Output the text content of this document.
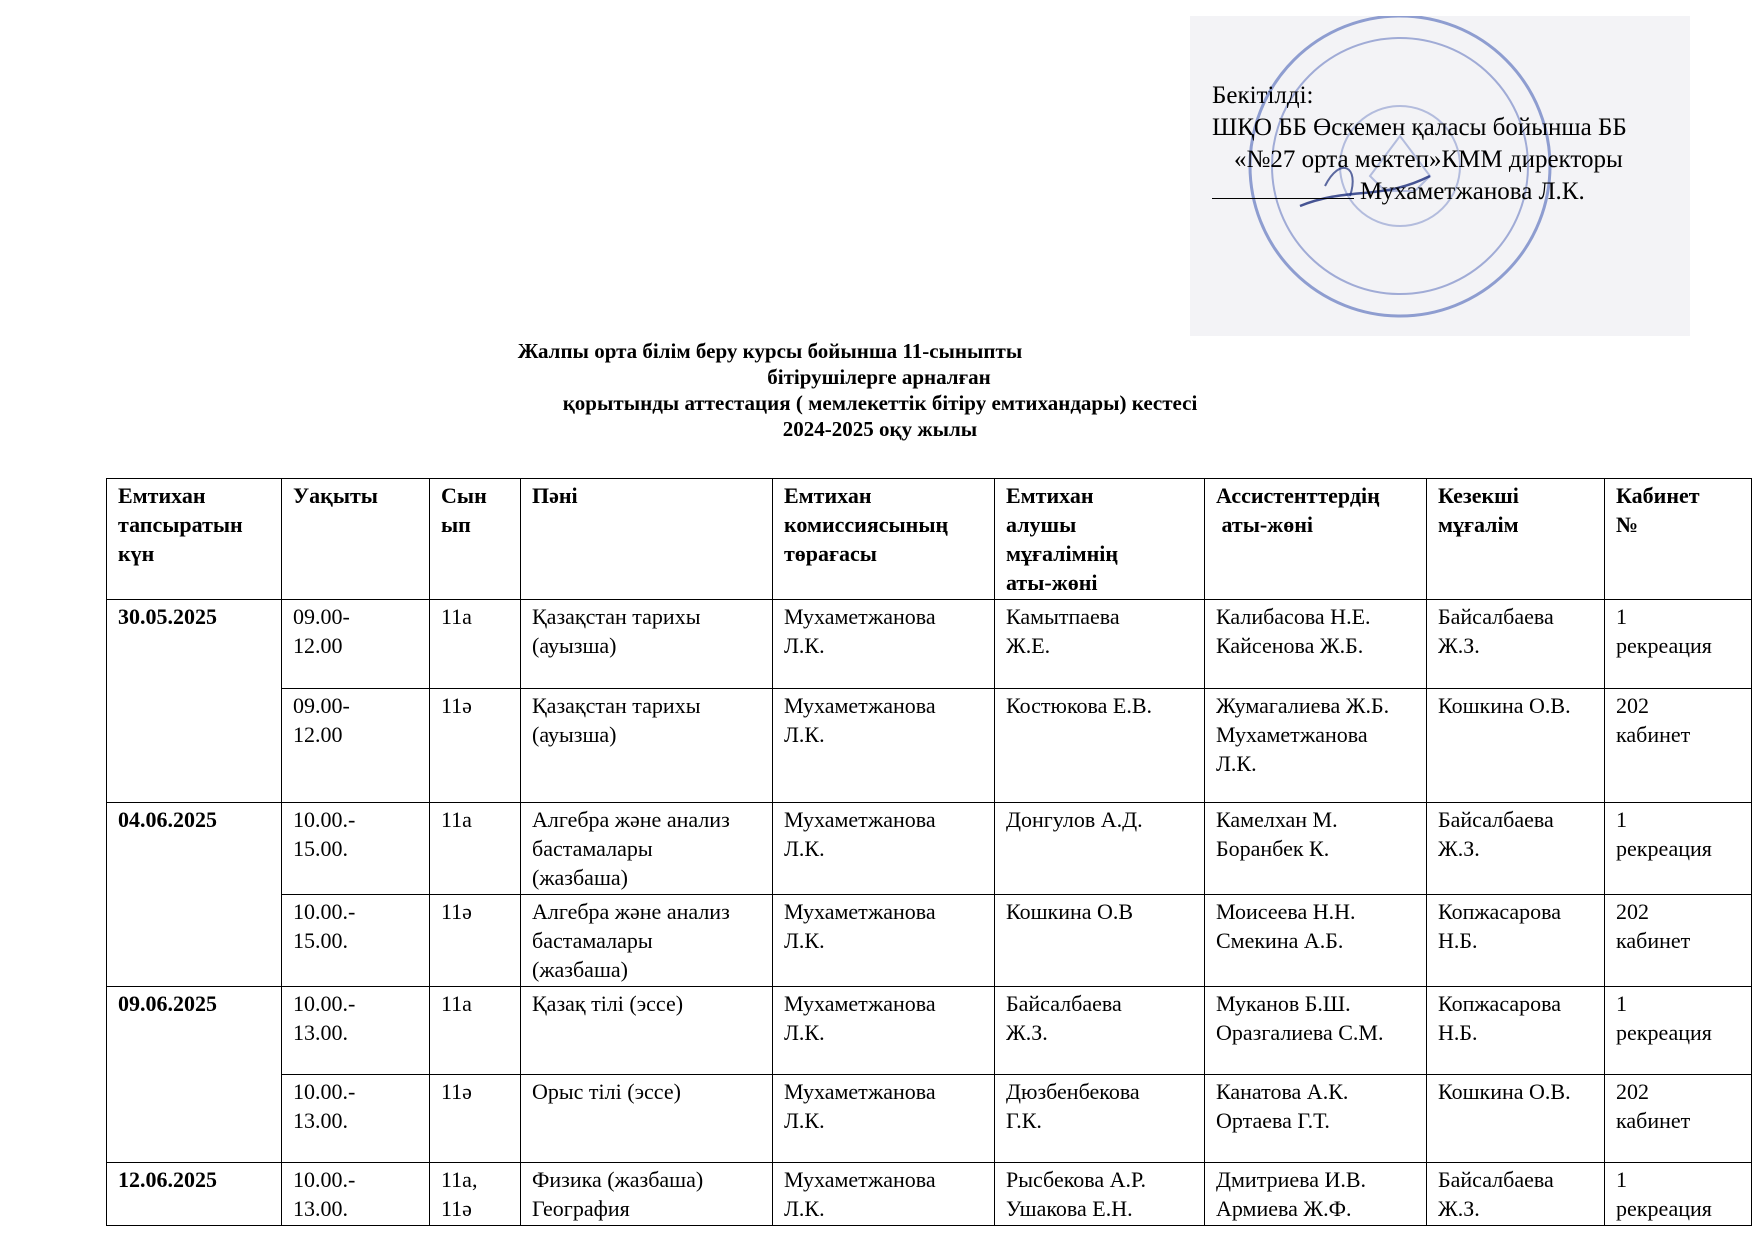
Бекітілді:
ШҚО ББ Өскемен қаласы бойынша ББ
«№27 орта мектеп»КММ директоры
Мухаметжанова Л.К.
Жалпы орта білім беру курсы бойынша 11-сыныпты
бітірушілерге арналған
қорытынды аттестация ( мемлекеттік бітіру емтихандары) кестесі
2024-2025 оқу жылы
Емтихан
тапсыратын
күн	Уақыты	Сын
ып	Пәні	Емтихан
комиссиясының
төрағасы	Емтихан
алушы
мұғалімнің
аты-жөні	Ассистенттердің
аты-жөні	Кезекші
мұғалім	Кабинет
№

30.05.2025	09.00-
12.00	11а	Қазақстан тарихы
(ауызша)	Мухаметжанова
Л.К.	Камытпаева
Ж.Е.	Калибасова Н.Е.
Кайсенова Ж.Б.	Байсалбаева
Ж.З.	1
рекреация

	09.00-
12.00	11ә	Қазақстан тарихы
(ауызша)	Мухаметжанова
Л.К.	Костюкова Е.В.	Жумагалиева Ж.Б.
Мухаметжанова
Л.К.	Кошкина О.В.	202
кабинет

04.06.2025	10.00.-
15.00.	11а	Алгебра және анализ
бастамалары
(жазбаша)	Мухаметжанова
Л.К.	Донгулов А.Д.	Камелхан М.
Боранбек К.	Байсалбаева
Ж.З.	1
рекреация

	10.00.-
15.00.	11ә	Алгебра және анализ
бастамалары
(жазбаша)	Мухаметжанова
Л.К.	Кошкина О.В	Моисеева Н.Н.
Смекина А.Б.	Копжасарова
Н.Б.	202
кабинет

09.06.2025	10.00.-
13.00.	11а	Қазақ тілі (эссе)	Мухаметжанова
Л.К.	Байсалбаева
Ж.З.	Муканов Б.Ш.
Оразгалиева С.М.	Копжасарова
Н.Б.	1
рекреация

	10.00.-
13.00.	11ә	Орыс тілі (эссе)	Мухаметжанова
Л.К.	Дюзбенбекова
Г.К.	Канатова А.К.
Ортаева Г.Т.	Кошкина О.В.	202
кабинет

12.06.2025	10.00.-
13.00.	11а,
11ә	Физика (жазбаша)
География	Мухаметжанова
Л.К.	Рысбекова А.Р.
Ушакова Е.Н.	Дмитриева И.В.
Армиева Ж.Ф.	Байсалбаева
Ж.З.	1
рекреация
